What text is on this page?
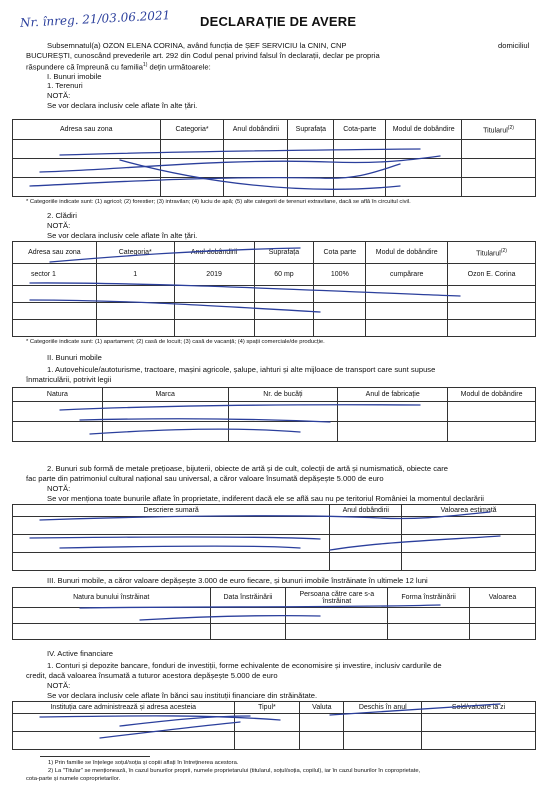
Nr. înreg. 21/03.06.2021 DECLARAȚIE DE AVERE
Subsemnatul(a) OZON ELENA CORINA, având funcția de ȘEF SERVICIU la CNIN, CNP	domiciliul
BUCUREȘTI, cunoscând prevederile art. 292 din Codul penal privind falsul în declarații, declar pe propria
răspundere că împreună cu familia$^{1)}$ dețin următoarele:
I. Bunuri imobile
1. Terenuri
NOTĂ:
Se vor declara inclusiv cele aflate în alte țări.
Adresa sau zona	Categoria*	Anul dobândirii	Suprafața	Cota-parte	Modul de dobândire	Titularul$^{(2)}$

* Categoriile indicate sunt: (1) agricol; (2) forestier; (3) intravilan; (4) luciu de apă; (5) alte categorii de terenuri extravilane, dacă se află în circuitul civil.
2. Clădiri
NOTĂ:
Se vor declara inclusiv cele aflate în alte țări.
Adresa sau zona	Categoria*	Anul dobândirii	Suprafața	Cota parte	Modul de dobândire	Titularul$^{(2)}$
sector 1	1	2019	60 mp	100%	cumpărare	Ozon E. Corina

* Categoriile indicate sunt: (1) apartament; (2) casă de locuit; (3) casă de vacanță; (4) spații comerciale/de producție.
II. Bunuri mobile
1. Autovehicule/autoturisme, tractoare, mașini agricole, șalupe, iahturi și alte mijloace de transport care sunt supuse
înmatriculării, potrivit legii
Natura	Marca	Nr. de bucăți	Anul de fabricație	Modul de dobândire

2. Bunuri sub formă de metale prețioase, bijuterii, obiecte de artă și de cult, colecții de artă și numismatică, obiecte care
fac parte din patrimoniul cultural național sau universal, a căror valoare însumată depășește 5.000 de euro
NOTĂ:
Se vor menționa toate bunurile aflate în proprietate, indiferent dacă ele se află sau nu pe teritoriul României la momentul declarării
Descriere sumară	Anul dobândirii	Valoarea estimată

III. Bunuri mobile, a căror valoare depășește 3.000 de euro fiecare, și bunuri imobile înstrăinate în ultimele 12 luni
Natura bunului înstrăinat	Data înstrăinării	Persoana către care s-a înstrăinat	Forma înstrăinării	Valoarea

IV. Active financiare
1. Conturi și depozite bancare, fonduri de investiții, forme echivalente de economisire și investire, inclusiv cardurile de
credit, dacă valoarea însumată a tuturor acestora depășește 5.000 de euro
NOTĂ:
Se vor declara inclusiv cele aflate în bănci sau instituții financiare din străinătate.
Instituția care administrează și adresa acesteia	Tipul*	Valuta	Deschis în anul	Sold/valoare la zi

1) Prin familie se înțelege soțul/soția și copiii aflați în întreținerea acestora.
2) La "Titular" se menționează, în cazul bunurilor proprii, numele proprietarului (titularul, soțul/soția, copilul), iar în cazul bunurilor în coproprietate,
cota-parte și numele coproprietarilor.
